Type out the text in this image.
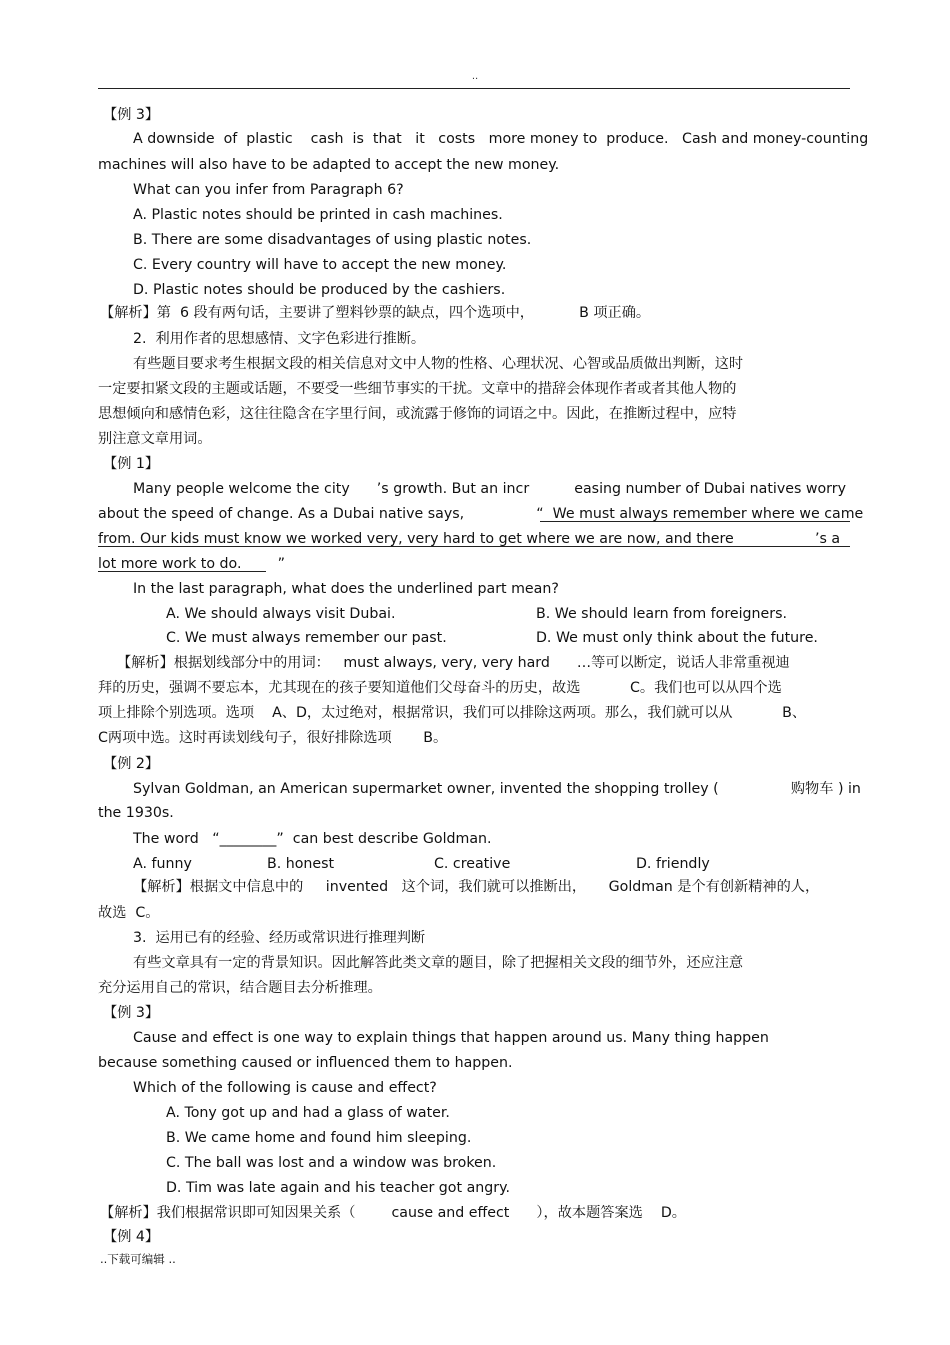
..
【例 3】
A downside  of  plastic    cash  is  that   it   costs   more money to  produce.   Cash and money-counting
machines will also have to be adapted to accept the new money.
What can you infer from Paragraph 6?
A. Plastic notes should be printed in cash machines.
B. There are some disadvantages of using plastic notes.
C. Every country will have to accept the new money.
D. Plastic notes should be produced by the cashiers.
【解析】第  6 段有两句话，主要讲了塑料钞票的缺点，四个选项中，          B 项正确。
2.  利用作者的思想感情、文字色彩进行推断。
有些题目要求考生根据文段的相关信息对文中人物的性格、心理状况、心智或品质做出判断，这时
一定要扣紧文段的主题或话题，不要受一些细节事实的干扰。文章中的措辞会体现作者或者其他人物的
思想倾向和感情色彩，这往往隐含在字里行间，或流露于修饰的词语之中。因此，在推断过程中，应特
别注意文章用词。
【例 1】
Many people welcome the city      ’s growth. But an incr          easing number of Dubai natives worry
about the speed of change. As a Dubai native says,                “  We must always remember where we came
from. Our kids must know we worked very, very hard to get where we are now, and there                  ’s a
lot more work to do.        ”
In the last paragraph, what does the underlined part mean?
A. We should always visit Dubai.	B. We should learn from foreigners.
C. We must always remember our past.	D. We must only think about the future.
【解析】根据划线部分中的用词：   must always, very, very hard      …等可以断定，说话人非常重视迪
拜的历史，强调不要忘本，尤其现在的孩子要知道他们父母奋斗的历史，故选           C。我们也可以从四个选
项上排除个别选项。选项    A、D，太过绝对，根据常识，我们可以排除这两项。那么，我们就可以从           B、
C两项中选。这时再读划线句子，很好排除选项       B。
【例 2】
Sylvan Goldman, an American supermarket owner, invented the shopping trolley (                购物车 ) in
the 1930s.
The word   “________”  can best describe Goldman.
A. funny	B. honest	C. creative	D. friendly
【解析】根据文中信息中的     invented   这个词，我们就可以推断出，     Goldman 是个有创新精神的人，
故选  C。
3.  运用已有的经验、经历或常识进行推理判断
有些文章具有一定的背景知识。因此解答此类文章的题目，除了把握相关文段的细节外，还应注意
充分运用自己的常识，结合题目去分析推理。
【例 3】
Cause and effect is one way to explain things that happen around us. Many thing happen
because something caused or influenced them to happen.
Which of the following is cause and effect?
A. Tony got up and had a glass of water.
B. We came home and found him sleeping.
C. The ball was lost and a window was broken.
D. Tim was late again and his teacher got angry.
【解析】我们根据常识即可知因果关系（        cause and effect      ），故本题答案选    D。
【例 4】
..下载可编辑 ..
